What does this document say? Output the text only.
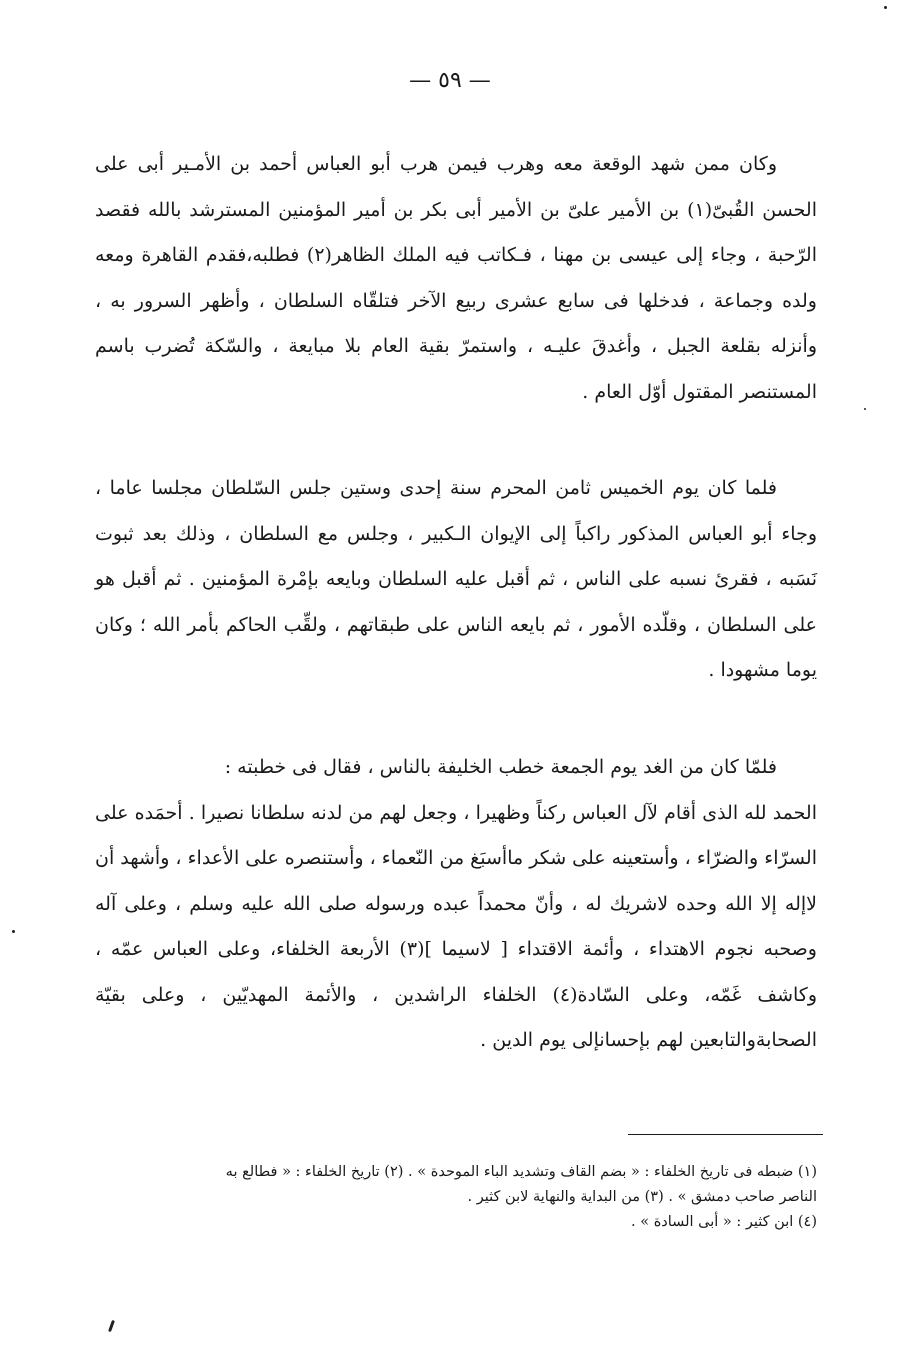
— ٥٩ —

وكان ممن شهد الوقعة معه وهرب فيمن هرب أبو العباس أحمد بن الأمـير أبى على الحسن القُبىّ(١) بن الأمير علىّ بن الأمير أبى بكر بن أمير المؤمنين المسترشد بالله فقصد الرّحبة ، وجاء إلى عيسى بن مهنا ، فـكاتب فيه الملك الظاهر(٢) فطلبه،فقدم القاهرة ومعه ولده وجماعة ، فدخلها فى سابع عشرى ربيع الآخر فتلقّاه السلطان ، وأظهر السرور به ، وأنزله بقلعة الجبل ، وأغدقَ عليـه ، واستمرّ بقية العام بلا مبايعة ، والسّكة تُضرب باسم المستنصر المقتول أوّل العام .

فلما كان يوم الخميس ثامن المحرم سنة إحدى وستين جلس السّلطان مجلسا عاما ، وجاء أبو العباس المذكور راكباً إلى الإيوان الـكبير ، وجلس مع السلطان ، وذلك بعد ثبوت نَسَبه ، فقرئ نسبه على الناس ، ثم أقبل عليه السلطان وبايعه بإمْرة المؤمنين . ثم أقبل هو على السلطان ، وقلّده الأمور ، ثم بايعه الناس على طبقاتهم ، ولقِّب الحاكم بأمر الله ؛ وكان يوما مشهودا .

فلمّا كان من الغد يوم الجمعة خطب الخليفة بالناس ، فقال فى خطبته :

الحمد لله الذى أقام لآل العباس ركناً وظهيرا ، وجعل لهم من لدنه سلطانا نصيرا . أحمَده على السرّاء والضرّاء ، وأستعينه على شكر ماأسبَغ من النّعماء ، وأستنصره على الأعداء ، وأشهد أن لاإله إلا الله وحده لاشريك له ، وأنّ محمداً عبده ورسوله صلى الله عليه وسلم ، وعلى آله وصحبه نجوم الاهتداء ، وأئمة الاقتداء [ لاسيما ](٣) الأربعة الخلفاء، وعلى العباس عمّه ، وكاشف غَمّه، وعلى السّادة(٤) الخلفاء الراشدين ، والأئمة المهديّين ، وعلى بقيّة الصحابةوالتابعين لهم بإحسانإلى يوم الدين .

(١) ضبطه فى تاريخ الخلفاء : « بضم القاف وتشديد الباء الموحدة » . (٢) تاريخ الخلفاء : « فطالع به

الناصر صاحب دمشق » . (٣) من البداية والنهاية لابن كثير .

(٤) ابن كثير : « أبى السادة » .
